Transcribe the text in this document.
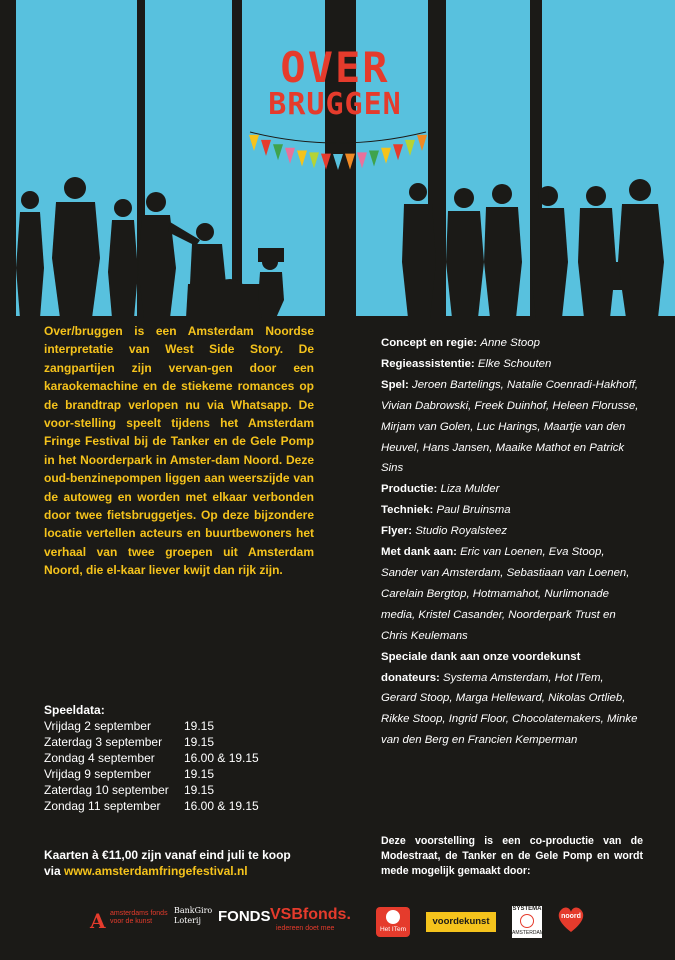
OVER
BRUGGEN

Over/bruggen is een Amsterdam Noordse interpretatie van West Side Story. De zangpartijen zijn vervan-gen door een karaokemachine en de stiekeme romances op de brandtrap verlopen nu via Whatsapp. De voor-stelling speelt tijdens het Amsterdam Fringe Festival bij de Tanker en de Gele Pomp in het Noorderpark in Amster-dam Noord. Deze oud-benzinepompen liggen aan weerszijde van de autoweg en worden met elkaar verbonden door twee fietsbruggetjes. Op deze bijzondere locatie vertellen acteurs en buurtbewoners het verhaal van twee groepen uit Amsterdam Noord, die el-kaar liever kwijt dan rijk zijn.

Speeldata:
Vrijdag 2 september	19.15
Zaterdag 3 september	19.15
Zondag 4 september	16.00 & 19.15
Vrijdag 9 september	19.15
Zaterdag 10 september	19.15
Zondag 11 september	16.00 & 19.15
Kaarten à €11,00 zijn vanaf eind juli te koop
via www.amsterdamfringefestival.nl
Concept en regie: Anne Stoop
Regieassistentie: Elke Schouten
Spel: Jeroen Bartelings, Natalie Coenradi-Hakhoff, Vivian Dabrowski, Freek Duinhof, Heleen Florusse, Mirjam van Golen, Luc Harings, Maartje van den Heuvel, Hans Jansen, Maaike Mathot en Patrick Sins
Productie: Liza Mulder
Techniek: Paul Bruinsma
Flyer: Studio Royalsteez
Met dank aan: Eric van Loenen, Eva Stoop, Sander van Amsterdam, Sebastiaan van Loenen, Carelain Bergtop, Hotmamahot, Nurlimonade media, Kristel Casander, Noorderpark Trust en Chris Keulemans
Speciale dank aan onze voordekunst donateurs: Systema Amsterdam, Hot ITem, Gerard Stoop, Marga Helleward, Nikolas Ortlieb, Rikke Stoop, Ingrid Floor, Chocolatemakers, Minke van den Berg en Francien Kemperman
Deze voorstelling is een co-productie van de Modestraat, de Tanker en de Gele Pomp en wordt mede mogelijk gemaakt door:
A amsterdams fonds voor de kunst
BankGiro
Loterij FONDS VSBfonds.
iedereen doet mee	Het ITem
voordekunst
SYSTEMA
AMSTERDAM
noord
